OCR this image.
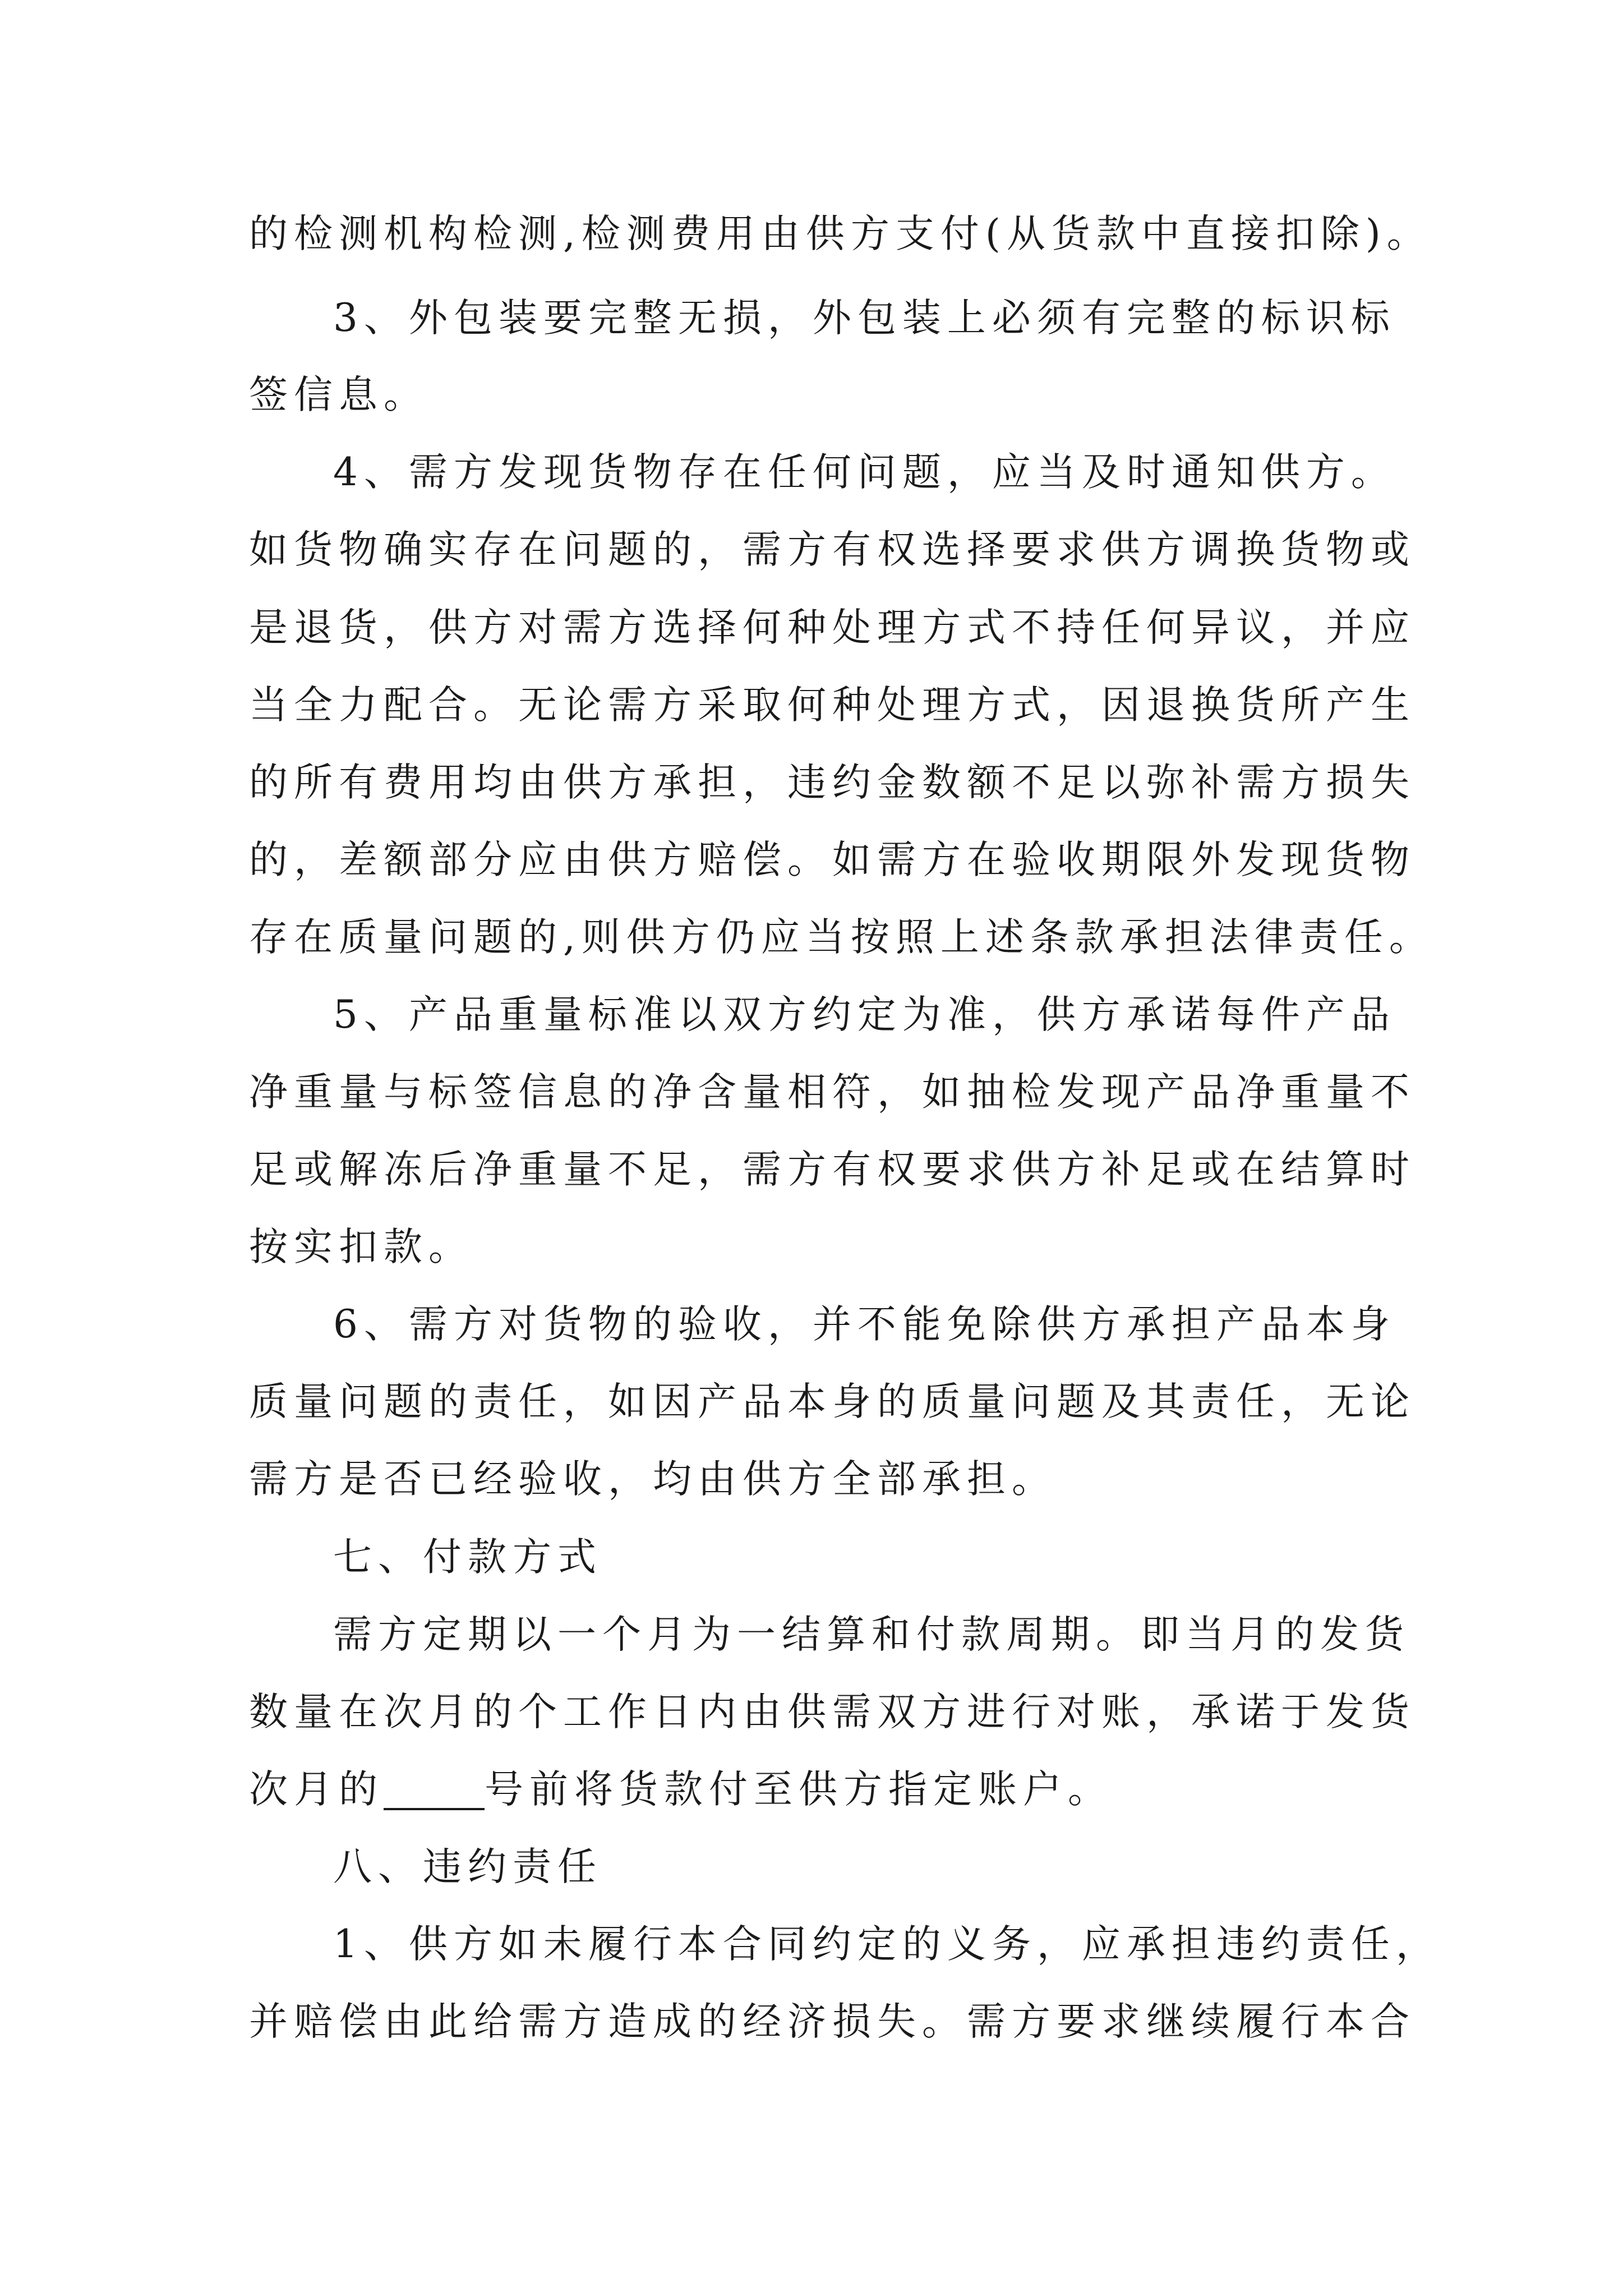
的检测机构检测,检测费用由供方支付(从货款中直接扣除)。

3、外包装要完整无损，外包装上必须有完整的标识标

签信息。

4、需方发现货物存在任何问题，应当及时通知供方。

如货物确实存在问题的，需方有权选择要求供方调换货物或

是退货，供方对需方选择何种处理方式不持任何异议，并应

当全力配合。无论需方采取何种处理方式，因退换货所产生

的所有费用均由供方承担，违约金数额不足以弥补需方损失

的，差额部分应由供方赔偿。如需方在验收期限外发现货物

存在质量问题的,则供方仍应当按照上述条款承担法律责任。

5、产品重量标准以双方约定为准，供方承诺每件产品

净重量与标签信息的净含量相符，如抽检发现产品净重量不

足或解冻后净重量不足，需方有权要求供方补足或在结算时

按实扣款。

6、需方对货物的验收，并不能免除供方承担产品本身

质量问题的责任，如因产品本身的质量问题及其责任，无论

需方是否已经验收，均由供方全部承担。

七、付款方式

需方定期以一个月为一结算和付款周期。即当月的发货

数量在次月的个工作日内由供需双方进行对账，承诺于发货

次月的	号前将货款付至供方指定账户。

八、违约责任

1、供方如未履行本合同约定的义务，应承担违约责任，

并赔偿由此给需方造成的经济损失。需方要求继续履行本合
